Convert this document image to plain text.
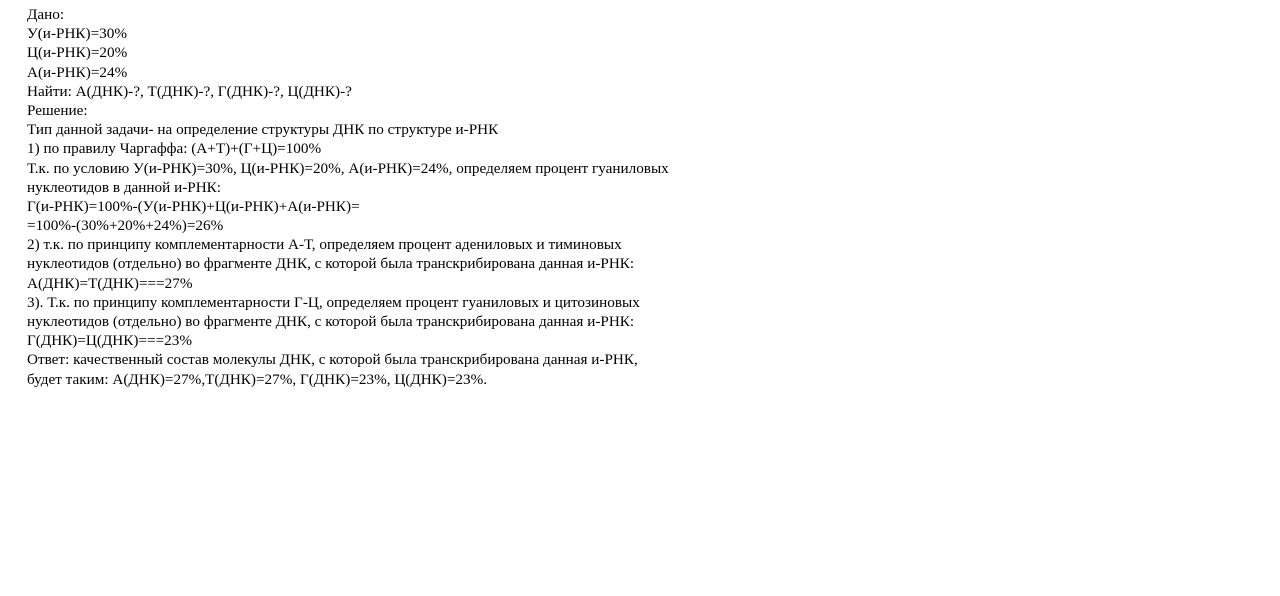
Дано:
У(и-РНК)=30%
Ц(и-РНК)=20%
А(и-РНК)=24%
Найти: А(ДНК)-?, Т(ДНК)-?, Г(ДНК)-?, Ц(ДНК)-?
Решение:
Тип данной задачи- на определение структуры ДНК по структуре и-РНК
1) по правилу Чаргаффа: (А+Т)+(Г+Ц)=100%
Т.к. по условию У(и-РНК)=30%, Ц(и-РНК)=20%, А(и-РНК)=24%, определяем процент гуаниловых
нуклеотидов в данной и-РНК:
Г(и-РНК)=100%-(У(и-РНК)+Ц(и-РНК)+А(и-РНК)=
=100%-(30%+20%+24%)=26%
2) т.к. по принципу комплементарности А-Т, определяем процент адениловых и тиминовых
нуклеотидов (отдельно) во фрагменте ДНК, с которой была транскрибирована данная и-РНК:
А(ДНК)=Т(ДНК)===27%
3). Т.к. по принципу комплементарности Г-Ц, определяем процент гуаниловых и цитозиновых
нуклеотидов (отдельно) во фрагменте ДНК, с которой была транскрибирована данная и-РНК:
Г(ДНК)=Ц(ДНК)===23%
Ответ: качественный состав молекулы ДНК, с которой была транскрибирована данная и-РНК,
будет таким: А(ДНК)=27%,Т(ДНК)=27%, Г(ДНК)=23%, Ц(ДНК)=23%.
